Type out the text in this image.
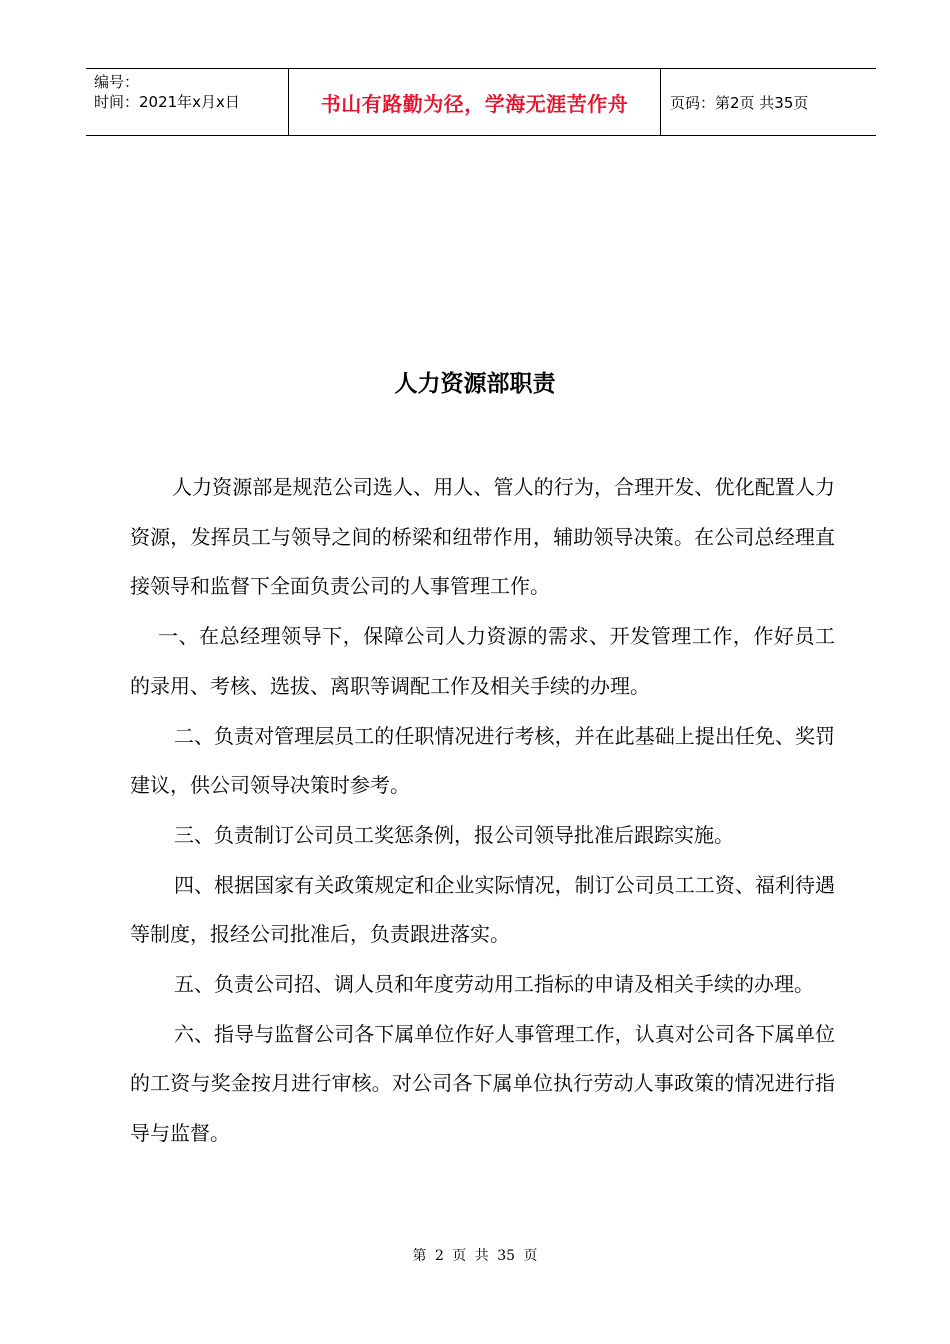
编号：
时间：2021年x月x日	书山有路勤为径，学海无涯苦作舟	页码：第2页 共35页
人力资源部职责

人力资源部是规范公司选人、用人、管人的行为，合理开发、优化配置人力资源，发挥员工与领导之间的桥梁和纽带作用，辅助领导决策。在公司总经理直接领导和监督下全面负责公司的人事管理工作。

一、在总经理领导下，保障公司人力资源的需求、开发管理工作，作好员工的录用、考核、选拔、离职等调配工作及相关手续的办理。

二、负责对管理层员工的任职情况进行考核，并在此基础上提出任免、奖罚建议，供公司领导决策时参考。

三、负责制订公司员工奖惩条例，报公司领导批准后跟踪实施。

四、根据国家有关政策规定和企业实际情况，制订公司员工工资、福利待遇等制度，报经公司批准后，负责跟进落实。

五、负责公司招、调人员和年度劳动用工指标的申请及相关手续的办理。

六、指导与监督公司各下属单位作好人事管理工作，认真对公司各下属单位的工资与奖金按月进行审核。对公司各下属单位执行劳动人事政策的情况进行指导与监督。

第 2 页 共 35 页
